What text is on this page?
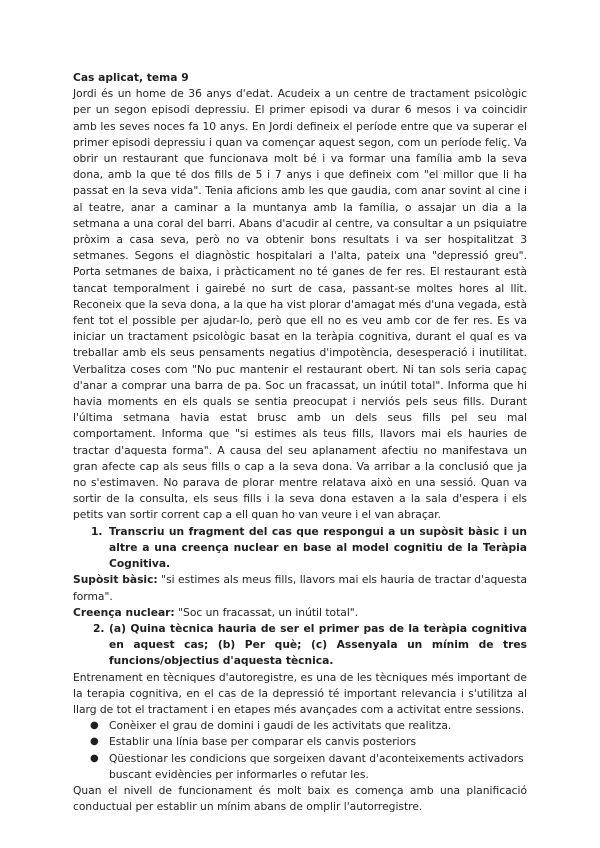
Cas aplicat, tema 9

Jordi és un home de 36 anys d'edat. Acudeix a un centre de tractament psicològic per un segon episodi depressiu. El primer episodi va durar 6 mesos i va coincidir amb les seves noces fa 10 anys. En Jordi defineix el període entre que va superar el primer episodi depressiu i quan va començar aquest segon, com un període feliç. Va obrir un restaurant que funcionava molt bé i va formar una família amb la seva dona, amb la que té dos fills de 5 i 7 anys i que defineix com "el millor que li ha passat en la seva vida". Tenia aficions amb les que gaudia, com anar sovint al cine i al teatre, anar a caminar a la muntanya amb la família, o assajar un dia a la setmana a una coral del barri. Abans d'acudir al centre, va consultar a un psiquiatre pròxim a casa seva, però no va obtenir bons resultats i va ser hospitalitzat 3 setmanes. Segons el diagnòstic hospitalari a l'alta, pateix una "depressió greu". Porta setmanes de baixa, i pràcticament no té ganes de fer res. El restaurant està tancat temporalment i gairebé no surt de casa, passant-se moltes hores al llit. Reconeix que la seva dona, a la que ha vist plorar d'amagat més d'una vegada, està fent tot el possible per ajudar-lo, però que ell no es veu amb cor de fer res. Es va iniciar un tractament psicològic basat en la teràpia cognitiva, durant el qual es va treballar amb els seus pensaments negatius d'impotència, desesperació i inutilitat. Verbalitza coses com "No puc mantenir el restaurant obert. Ni tan sols seria capaç d'anar a comprar una barra de pa. Soc un fracassat, un inútil total". Informa que hi havia moments en els quals se sentia preocupat i nerviós pels seus fills. Durant l'última setmana havia estat brusc amb un dels seus fills pel seu mal comportament. Informa que "si estimes als teus fills, llavors mai els hauries de tractar d'aquesta forma". A causa del seu aplanament afectiu no manifestava un gran afecte cap als seus fills o cap a la seva dona. Va arribar a la conclusió que ja no s'estimaven. No parava de plorar mentre relatava això en una sessió. Quan va sortir de la consulta, els seus fills i la seva dona estaven a la sala d'espera i els petits van sortir corrent cap a ell quan ho van veure i el van abraçar.

1. Transcriu un fragment del cas que respongui a un supòsit bàsic i un altre a una creença nuclear en base al model cognitiu de la Teràpia Cognitiva.

Supòsit bàsic: "si estimes als meus fills, llavors mai els hauria de tractar d'aquesta forma".

Creença nuclear: "Soc un fracassat, un inútil total".

2. (a) Quina tècnica hauria de ser el primer pas de la teràpia cognitiva en aquest cas; (b) Per què; (c) Assenyala un mínim de tres funcions/objectius d'aquesta tècnica.

Entrenament en tècniques d'autoregistre, es una de les tècniques més important de la terapia cognitiva, en el cas de la depressió té important relevancia i s'utilitza al llarg de tot el tractament i en etapes més avançades com a activitat entre sessions.

● Conèixer el grau de domini i gaudi de les activitats que realitza.
● Establir una línia base per comparar els canvis posteriors
● Qüestionar les condicions que sorgeixen davant d'aconteixements activadors buscant evidències per informarles o refutar les.

Quan el nivell de funcionament és molt baix es comença amb una planificació conductual per establir un mínim abans de omplir l'autorregistre.
